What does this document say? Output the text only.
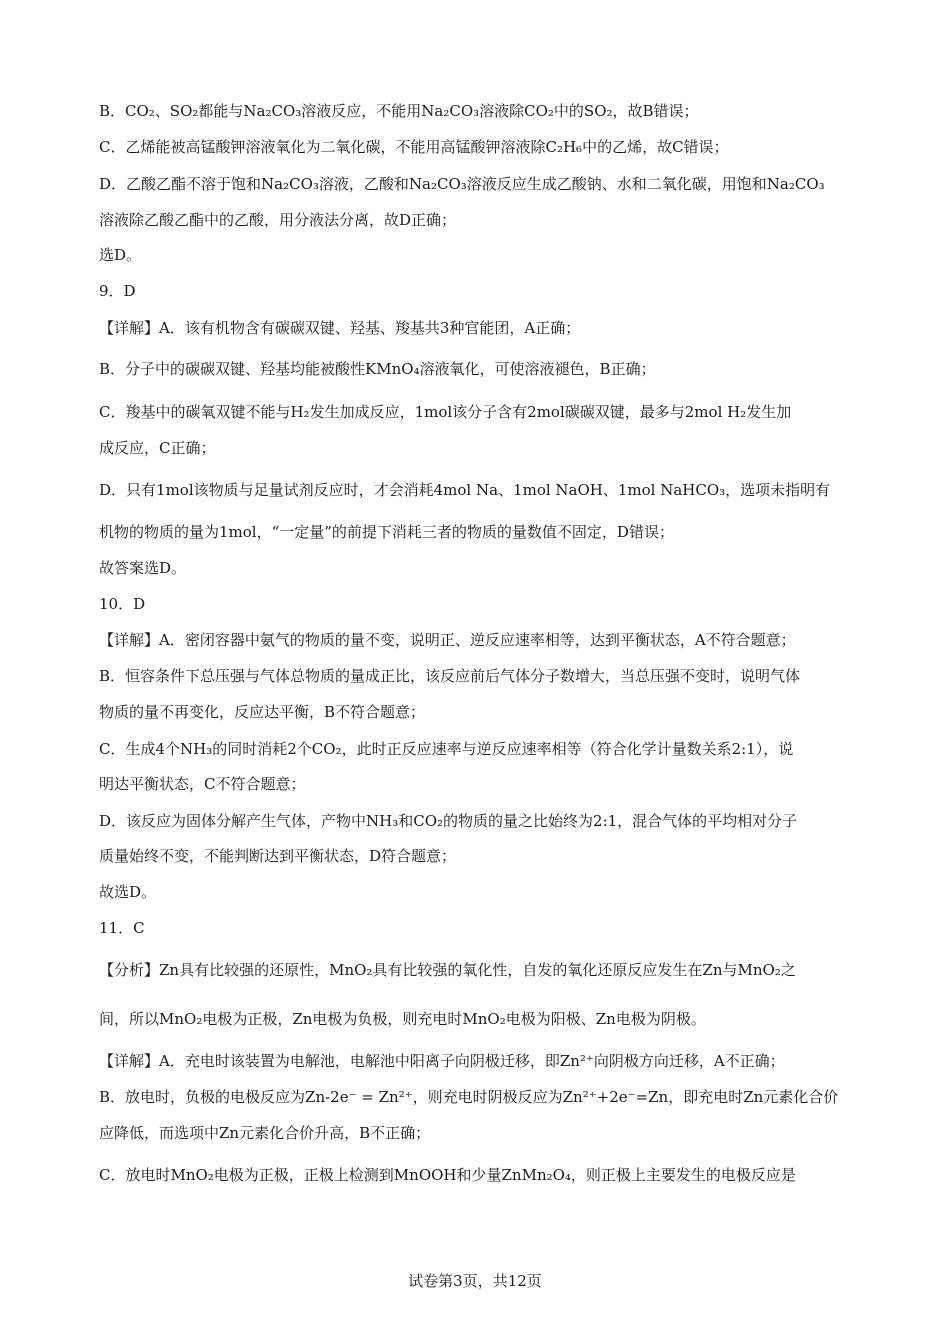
B．CO₂、SO₂都能与Na₂CO₃溶液反应，不能用Na₂CO₃溶液除CO₂中的SO₂，故B错误；
C．乙烯能被高锰酸钾溶液氧化为二氧化碳，不能用高锰酸钾溶液除C₂H₆中的乙烯，故C错误；
D．乙酸乙酯不溶于饱和Na₂CO₃溶液，乙酸和Na₂CO₃溶液反应生成乙酸钠、水和二氧化碳，用饱和Na₂CO₃
溶液除乙酸乙酯中的乙酸，用分液法分离，故D正确；
选D。
9．D
【详解】A．该有机物含有碳碳双键、羟基、羧基共3种官能团，A正确；
B．分子中的碳碳双键、羟基均能被酸性KMnO₄溶液氧化，可使溶液褪色，B正确；
C．羧基中的碳氧双键不能与H₂发生加成反应，1mol该分子含有2mol碳碳双键，最多与2mol H₂发生加
成反应，C正确；
D．只有1mol该物质与足量试剂反应时，才会消耗4mol Na、1mol NaOH、1mol NaHCO₃，选项未指明有
机物的物质的量为1mol，“一定量”的前提下消耗三者的物质的量数值不固定，D错误；
故答案选D。
10．D
【详解】A．密闭容器中氨气的物质的量不变，说明正、逆反应速率相等，达到平衡状态，A不符合题意；
B．恒容条件下总压强与气体总物质的量成正比，该反应前后气体分子数增大，当总压强不变时，说明气体
物质的量不再变化，反应达平衡，B不符合题意；
C．生成4个NH₃的同时消耗2个CO₂，此时正反应速率与逆反应速率相等（符合化学计量数关系2:1），说
明达平衡状态，C不符合题意；
D．该反应为固体分解产生气体，产物中NH₃和CO₂的物质的量之比始终为2:1，混合气体的平均相对分子
质量始终不变，不能判断达到平衡状态，D符合题意；
故选D。
11．C
【分析】Zn具有比较强的还原性，MnO₂具有比较强的氧化性，自发的氧化还原反应发生在Zn与MnO₂之
间，所以MnO₂电极为正极，Zn电极为负极，则充电时MnO₂电极为阳极、Zn电极为阴极。
【详解】A．充电时该装置为电解池，电解池中阳离子向阴极迁移，即Zn²⁺向阴极方向迁移，A不正确；
B．放电时，负极的电极反应为Zn-2e⁻ = Zn²⁺，则充电时阴极反应为Zn²⁺+2e⁻=Zn，即充电时Zn元素化合价
应降低，而选项中Zn元素化合价升高，B不正确；
C．放电时MnO₂电极为正极，正极上检测到MnOOH和少量ZnMn₂O₄，则正极上主要发生的电极反应是
试卷第3页，共12页
